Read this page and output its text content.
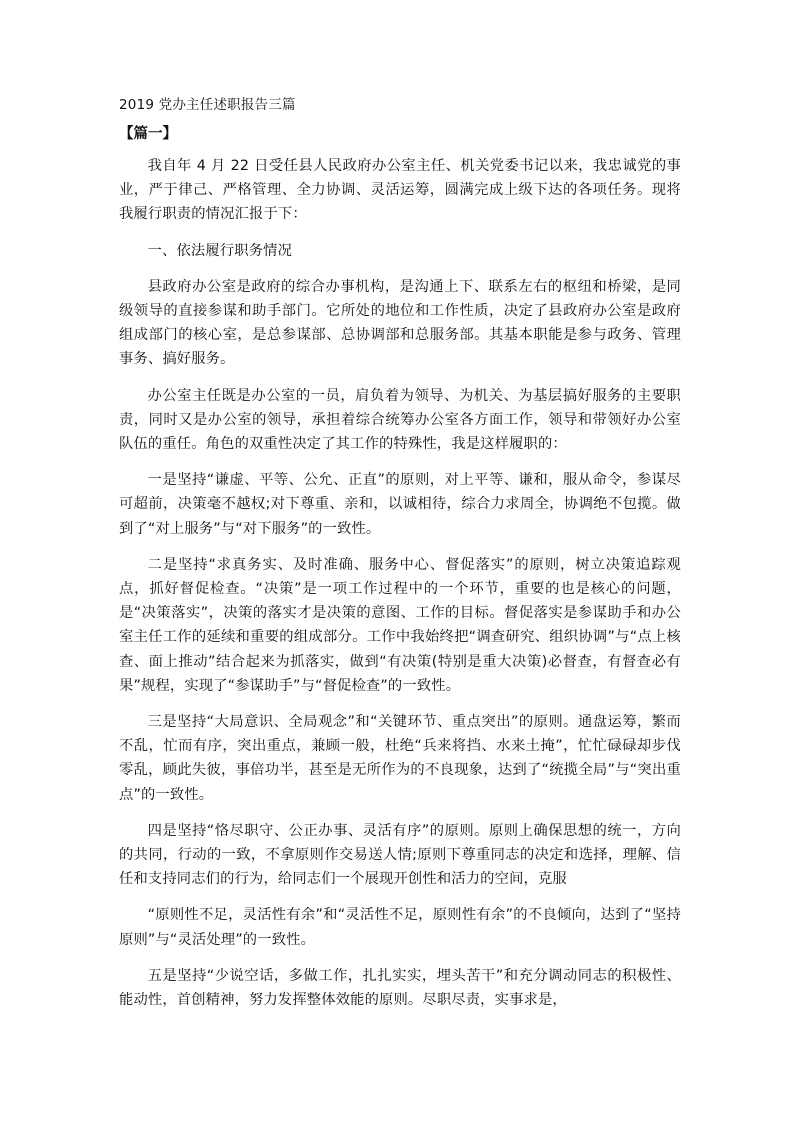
2019 党办主任述职报告三篇
【篇一】

我自年 4 月 22 日受任县人民政府办公室主任、机关党委书记以来，我忠诚党的事业，严于律己、严格管理、全力协调、灵活运筹，圆满完成上级下达的各项任务。现将我履行职责的情况汇报于下：

一、依法履行职务情况

县政府办公室是政府的综合办事机构，是沟通上下、联系左右的枢纽和桥梁，是同级领导的直接参谋和助手部门。它所处的地位和工作性质，决定了县政府办公室是政府组成部门的核心室，是总参谋部、总协调部和总服务部。其基本职能是参与政务、管理事务、搞好服务。

办公室主任既是办公室的一员，肩负着为领导、为机关、为基层搞好服务的主要职责，同时又是办公室的领导，承担着综合统筹办公室各方面工作，领导和带领好办公室队伍的重任。角色的双重性决定了其工作的特殊性，我是这样履职的：

一是坚持“谦虚、平等、公允、正直”的原则，对上平等、谦和，服从命令，参谋尽可超前，决策毫不越权;对下尊重、亲和，以诚相待，综合力求周全，协调绝不包揽。做到了“对上服务”与“对下服务”的一致性。

二是坚持“求真务实、及时准确、服务中心、督促落实”的原则，树立决策追踪观点，抓好督促检查。“决策”是一项工作过程中的一个环节，重要的也是核心的问题，是“决策落实”，决策的落实才是决策的意图、工作的目标。督促落实是参谋助手和办公室主任工作的延续和重要的组成部分。工作中我始终把“调查研究、组织协调”与“点上核查、面上推动”结合起来为抓落实，做到“有决策(特别是重大决策)必督查，有督查必有果”规程，实现了“参谋助手”与“督促检查”的一致性。

三是坚持“大局意识、全局观念”和“关键环节、重点突出”的原则。通盘运筹，繁而不乱，忙而有序，突出重点，兼顾一般，杜绝“兵来将挡、水来土掩”，忙忙碌碌却步伐零乱，顾此失彼，事倍功半，甚至是无所作为的不良现象，达到了“统揽全局”与“突出重点”的一致性。

四是坚持“恪尽职守、公正办事、灵活有序”的原则。原则上确保思想的统一，方向的共同，行动的一致，不拿原则作交易送人情;原则下尊重同志的决定和选择，理解、信任和支持同志们的行为，给同志们一个展现开创性和活力的空间，克服

“原则性不足，灵活性有余”和“灵活性不足，原则性有余”的不良倾向，达到了“坚持原则”与“灵活处理”的一致性。

五是坚持“少说空话，多做工作，扎扎实实，埋头苦干”和充分调动同志的积极性、能动性，首创精神，努力发挥整体效能的原则。尽职尽责，实事求是，
